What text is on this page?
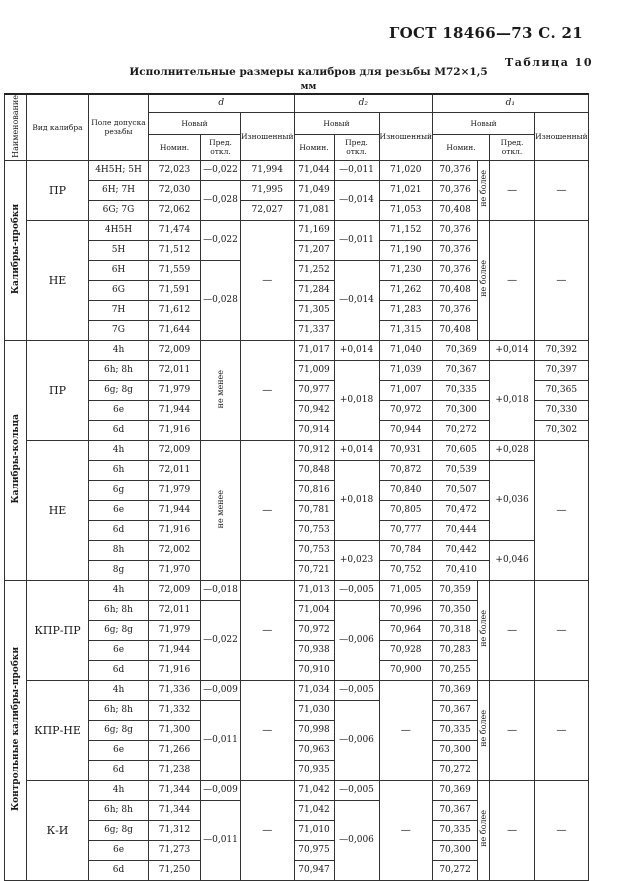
ГОСТ 18466—73 С. 21
Таблица 10
Исполнительные размеры калибров для резьбы М72×1,5
мм
Наименование	Вид калибра	Поле допуска резьбы	d			d₂			d₁			
			Новый		Изношенный	Новый		Изношенный	Новый			Изношенный
			Номин.	Пред. откл.		Номин.	Пред. откл.		Номин.		Пред. откл.	
Калибры-пробки	ПР	4H5H; 5H	72,023	—0,022	71,994	71,044	—0,011	71,020	70,376	не более	—	—
		6H; 7H	72,030	—0,028	71,995	71,049	—0,014	71,021	70,376			
		6G; 7G	72,062		72,027	71,081		71,053	70,408			
	НЕ	4H5H	71,474	—0,022	—	71,169	—0,011	71,152	70,376	не более	—	—
		5H	71,512			71,207		71,190	70,376			
		6H	71,559	—0,028		71,252	—0,014	71,230	70,376			
		6G	71,591			71,284		71,262	70,408			
		7H	71,612			71,305		71,283	70,376			
		7G	71,644			71,337		71,315	70,408			
Калибры-кольца	ПР	4h	72,009	не менее	—	71,017	+0,014	71,040	70,369		+0,014	70,392
		6h; 8h	72,011			71,009	+0,018	71,039	70,367		+0,018	70,397
		6g; 8g	71,979			70,977		71,007	70,335			70,365
		6e	71,944			70,942		70,972	70,300			70,330
		6d	71,916			70,914		70,944	70,272			70,302
	НЕ	4h	72,009	не менее	—	70,912	+0,014	70,931	70,605		+0,028	—
		6h	72,011			70,848	+0,018	70,872	70,539		+0,036	
		6g	71,979			70,816		70,840	70,507			
		6e	71,944			70,781		70,805	70,472			
		6d	71,916			70,753		70,777	70,444			
		8h	72,002			70,753	+0,023	70,784	70,442		+0,046	
		8g	71,970			70,721		70,752	70,410			
Контрольные калибры-пробки	КПР-ПР	4h	72,009	—0,018	—	71,013	—0,005	71,005	70,359	не более	—	—
		6h; 8h	72,011	—0,022		71,004	—0,006	70,996	70,350			
		6g; 8g	71,979			70,972		70,964	70,318			
		6e	71,944			70,938		70,928	70,283			
		6d	71,916			70,910		70,900	70,255			
	КПР-НЕ	4h	71,336	—0,009	—	71,034	—0,005	—	70,369	не более	—	—
		6h; 8h	71,332	—0,011		71,030	—0,006		70,367			
		6g; 8g	71,300			70,998			70,335			
		6e	71,266			70,963			70,300			
		6d	71,238			70,935			70,272			
	К-И	4h	71,344	—0,009	—	71,042	—0,005	—	70,369	не более	—	—
		6h; 8h	71,344	—0,011		71,042	—0,006		70,367			
		6g; 8g	71,312			71,010			70,335			
		6e	71,273			70,975			70,300			
		6d	71,250			70,947			70,272			
